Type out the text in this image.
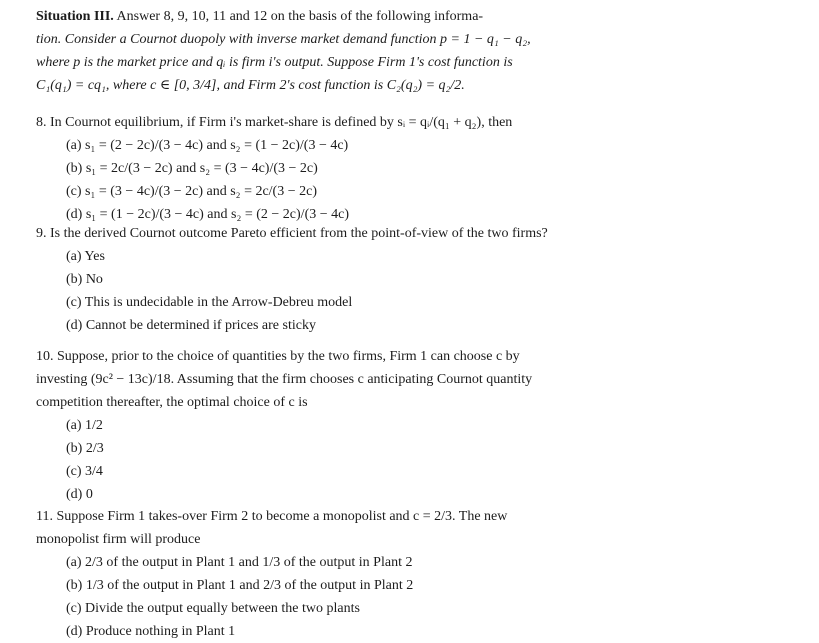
Situation III. Answer 8, 9, 10, 11 and 12 on the basis of the following informa-
tion. Consider a Cournot duopoly with inverse market demand function p = 1 − q₁ − q₂,
where p is the market price and qᵢ is firm i's output. Suppose Firm 1's cost function is
C₁(q₁) = cq₁, where c ∈ [0, 3/4], and Firm 2's cost function is C₂(q₂) = q₂/2.
8. In Cournot equilibrium, if Firm i's market-share is defined by sᵢ = qᵢ/(q₁ + q₂), then
(a) s₁ = (2 − 2c)/(3 − 4c) and s₂ = (1 − 2c)/(3 − 4c)
(b) s₁ = 2c/(3 − 2c) and s₂ = (3 − 4c)/(3 − 2c)
(c) s₁ = (3 − 4c)/(3 − 2c) and s₂ = 2c/(3 − 2c)
(d) s₁ = (1 − 2c)/(3 − 4c) and s₂ = (2 − 2c)/(3 − 4c)
9. Is the derived Cournot outcome Pareto efficient from the point-of-view of the two firms?
(a) Yes
(b) No
(c) This is undecidable in the Arrow-Debreu model
(d) Cannot be determined if prices are sticky
10. Suppose, prior to the choice of quantities by the two firms, Firm 1 can choose c by
investing (9c² − 13c)/18. Assuming that the firm chooses c anticipating Cournot quantity
competition thereafter, the optimal choice of c is
(a) 1/2
(b) 2/3
(c) 3/4
(d) 0
11. Suppose Firm 1 takes-over Firm 2 to become a monopolist and c = 2/3. The new
monopolist firm will produce
(a) 2/3 of the output in Plant 1 and 1/3 of the output in Plant 2
(b) 1/3 of the output in Plant 1 and 2/3 of the output in Plant 2
(c) Divide the output equally between the two plants
(d) Produce nothing in Plant 1
